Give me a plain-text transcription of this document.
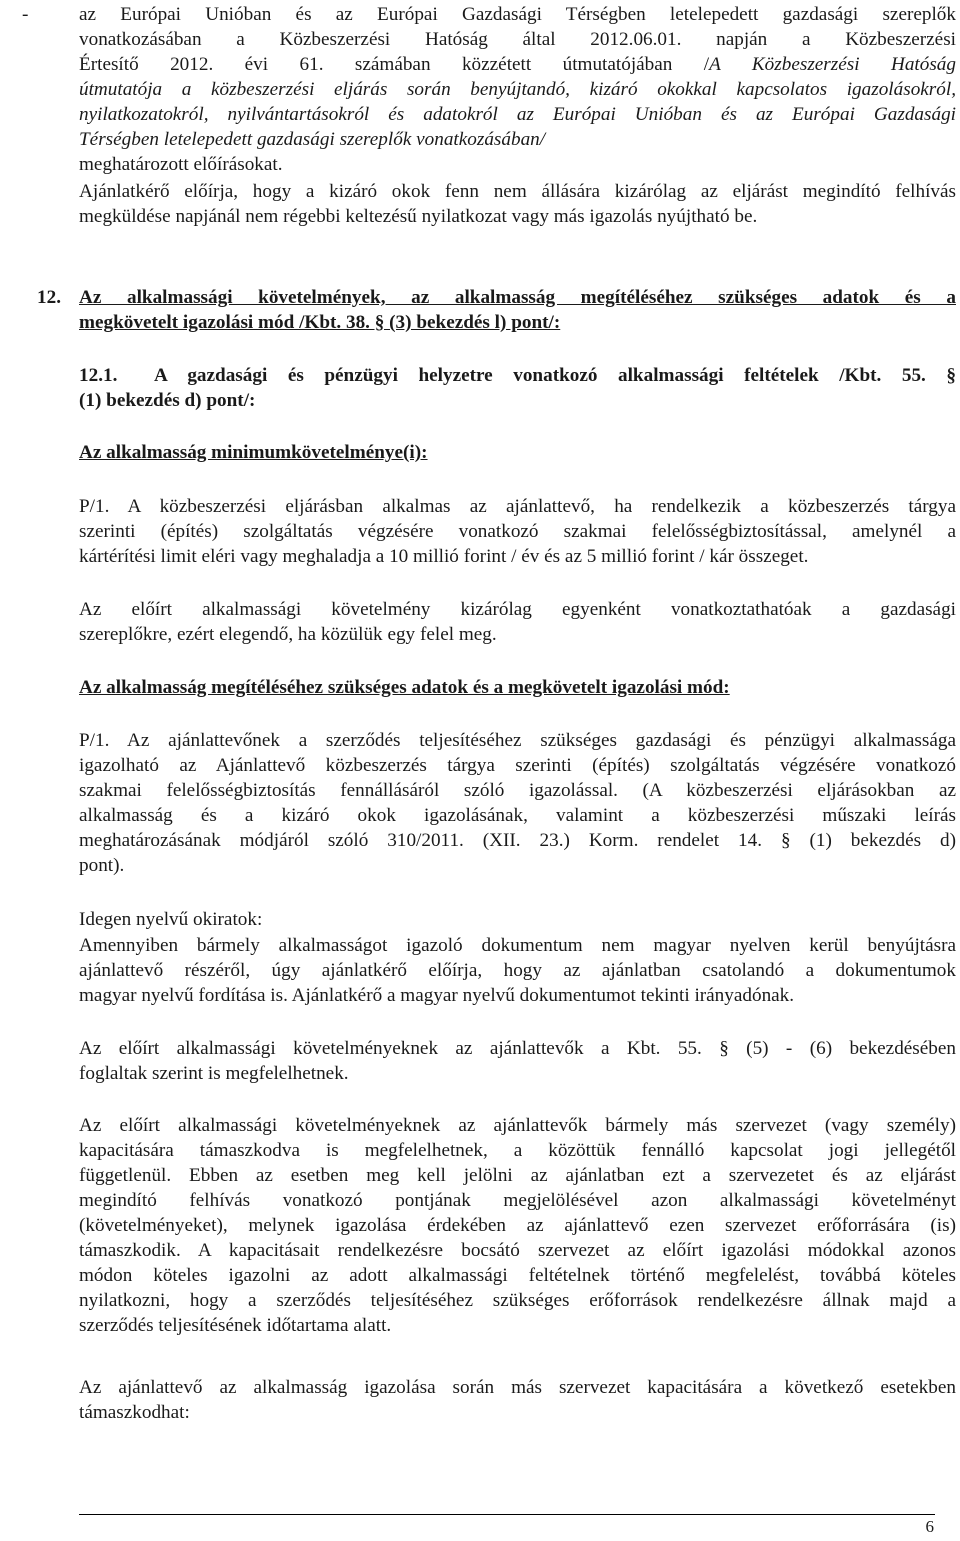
-	az Európai Unióban és az Európai Gazdasági Térségben letelepedett gazdasági szereplők
vonatkozásában a Közbeszerzési Hatóság által 2012.06.01. napján a Közbeszerzési
Értesítő 2012. évi 61. számában közzétett útmutatójában /A Közbeszerzési Hatóság
útmutatója a közbeszerzési eljárás során benyújtandó, kizáró okokkal kapcsolatos igazolásokról,
nyilatkozatokról, nyilvántartásokról és adatokról az Európai Unióban és az Európai Gazdasági
Térségben letelepedett gazdasági szereplők vonatkozásában/
meghatározott előírásokat.
Ajánlatkérő előírja, hogy a kizáró okok fenn nem állására kizárólag az eljárást megindító felhívás
megküldése napjánál nem régebbi keltezésű nyilatkozat vagy más igazolás nyújtható be.
12. Az alkalmassági követelmények, az alkalmasság megítéléséhez szükséges adatok és a
megkövetelt igazolási mód /Kbt. 38. § (3) bekezdés l) pont/:
12.1. A gazdasági és pénzügyi helyzetre vonatkozó alkalmassági feltételek /Kbt. 55. §
(1) bekezdés d) pont/:
Az alkalmasság minimumkövetelménye(i):
P/1. A közbeszerzési eljárásban alkalmas az ajánlattevő, ha rendelkezik a közbeszerzés tárgya
szerinti (építés) szolgáltatás végzésére vonatkozó szakmai felelősségbiztosítással, amelynél a
kártérítési limit eléri vagy meghaladja a 10 millió forint / év és az 5 millió forint / kár összeget.
Az előírt alkalmassági követelmény kizárólag egyenként vonatkoztathatóak a gazdasági
szereplőkre, ezért elegendő, ha közülük egy felel meg.
Az alkalmasság megítéléséhez szükséges adatok és a megkövetelt igazolási mód:
P/1. Az ajánlattevőnek a szerződés teljesítéséhez szükséges gazdasági és pénzügyi alkalmassága
igazolható az Ajánlattevő közbeszerzés tárgya szerinti (építés) szolgáltatás végzésére vonatkozó
szakmai felelősségbiztosítás fennállásáról szóló igazolással. (A közbeszerzési eljárásokban az
alkalmasság és a kizáró okok igazolásának, valamint a közbeszerzési műszaki leírás
meghatározásának módjáról szóló 310/2011. (XII. 23.) Korm. rendelet 14. § (1) bekezdés d)
pont).
Idegen nyelvű okiratok:
Amennyiben bármely alkalmasságot igazoló dokumentum nem magyar nyelven kerül benyújtásra
ajánlattevő részéről, úgy ajánlatkérő előírja, hogy az ajánlatban csatolandó a dokumentumok
magyar nyelvű fordítása is. Ajánlatkérő a magyar nyelvű dokumentumot tekinti irányadónak.
Az előírt alkalmassági követelményeknek az ajánlattevők a Kbt. 55. § (5) - (6) bekezdésében
foglaltak szerint is megfelelhetnek.
Az előírt alkalmassági követelményeknek az ajánlattevők bármely más szervezet (vagy személy)
kapacitására támaszkodva is megfelelhetnek, a közöttük fennálló kapcsolat jogi jellegétől
függetlenül. Ebben az esetben meg kell jelölni az ajánlatban ezt a szervezetet és az eljárást
megindító felhívás vonatkozó pontjának megjelölésével azon alkalmassági követelményt
(követelményeket), melynek igazolása érdekében az ajánlattevő ezen szervezet erőforrására (is)
támaszkodik. A kapacitásait rendelkezésre bocsátó szervezet az előírt igazolási módokkal azonos
módon köteles igazolni az adott alkalmassági feltételnek történő megfelelést, továbbá köteles
nyilatkozni, hogy a szerződés teljesítéséhez szükséges erőforrások rendelkezésre állnak majd a
szerződés teljesítésének időtartama alatt.
Az ajánlattevő az alkalmasság igazolása során más szervezet kapacitására a következő esetekben
támaszkodhat:
6
